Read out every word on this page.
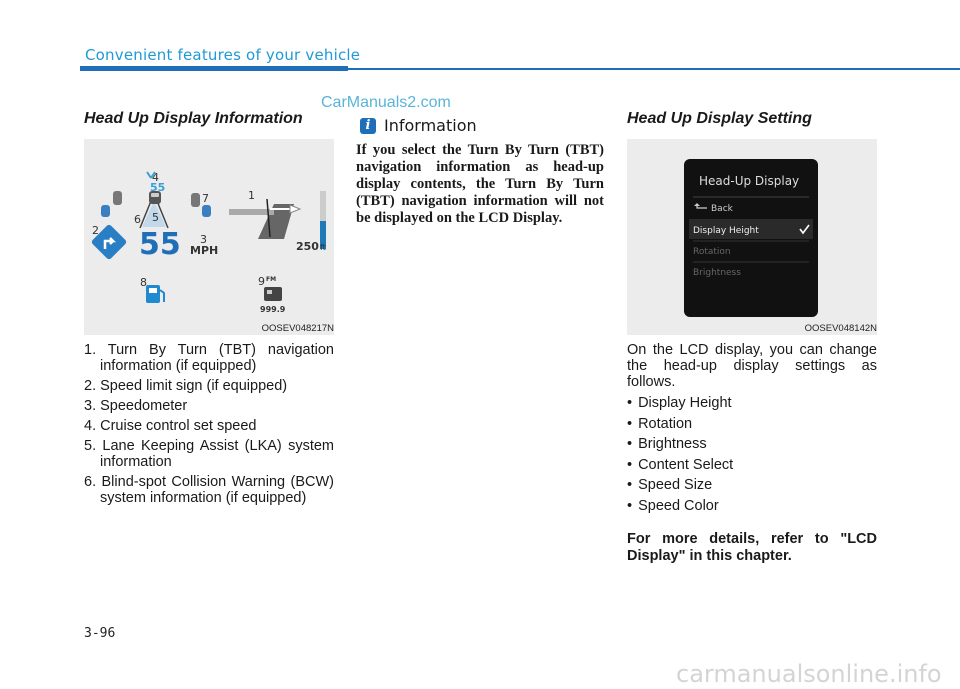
Convenient features of your vehicle
CarManuals2.com
Head Up Display Information
55
55 MPH	250 ft
FM
999.9
1
2
3
4
5
6
7
8	9
OOSEV048217N
1. Turn By Turn (TBT) navigation information (if equipped)
2. Speed limit sign (if equipped)
3. Speedometer
4. Cruise control set speed
5. Lane Keeping Assist (LKA) system information
6. Blind-spot Collision Warning (BCW) system information (if equipped)
i Information
If you select the Turn By Turn (TBT) navigation information as head-up display contents, the Turn By Turn (TBT) navigation information will not be displayed on the LCD Display.
Head Up Display Setting
Head-Up Display
Back
Display Height
Rotation
Brightness
OOSEV048142N
On the LCD display, you can change the head-up display settings as follows.
• Display Height
• Rotation
• Brightness
• Content Select
• Speed Size
• Speed Color
For more details, refer to "LCD Display" in this chapter.
3-96
carmanualsonline.info
